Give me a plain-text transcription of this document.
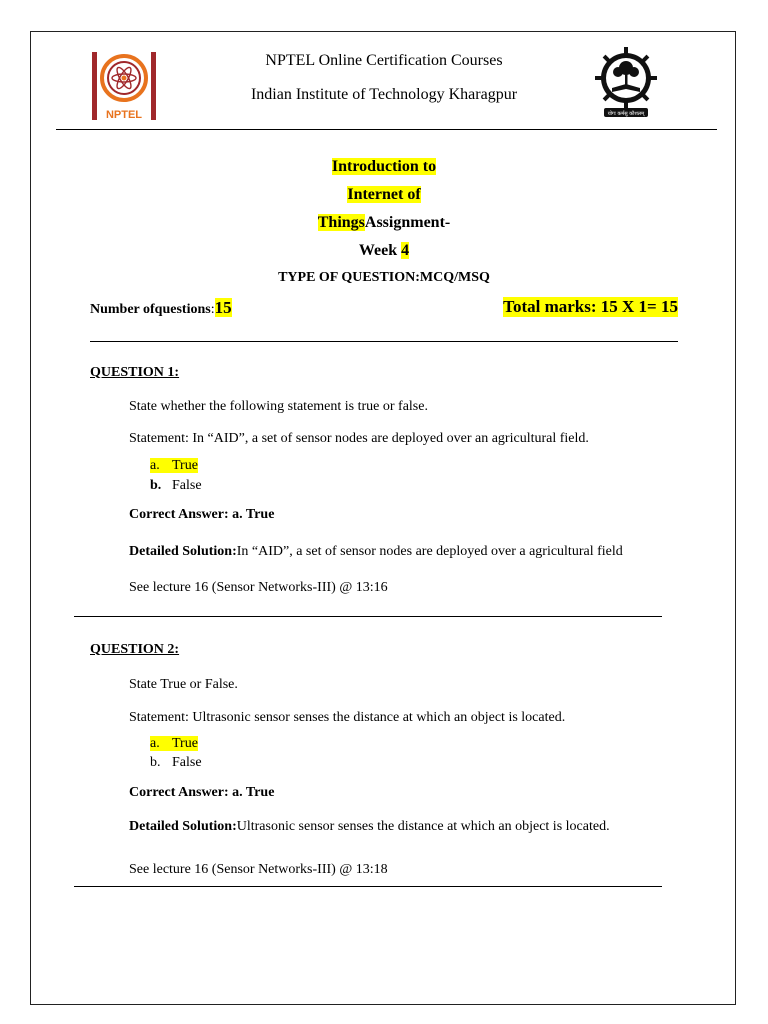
NPTEL	योगः कर्मसु कौशलम्
NPTEL Online Certification Courses
Indian Institute of Technology Kharagpur
Introduction to
Internet of
ThingsAssignment-
Week 4
TYPE OF QUESTION:MCQ/MSQ
Number ofquestions:15	Total marks: 15 X 1= 15
QUESTION 1:
State whether the following statement is true or false.
Statement: In “AID”, a set of sensor nodes are deployed over an agricultural field.
a. True
b. False
Correct Answer: a. True
Detailed Solution:In “AID”, a set of sensor nodes are deployed over a agricultural field
See lecture 16 (Sensor Networks-III) @ 13:16
QUESTION 2:
State True or False.
Statement: Ultrasonic sensor senses the distance at which an object is located.
a. True
b. False
Correct Answer: a. True
Detailed Solution:Ultrasonic sensor senses the distance at which an object is located.
See lecture 16 (Sensor Networks-III) @ 13:18
